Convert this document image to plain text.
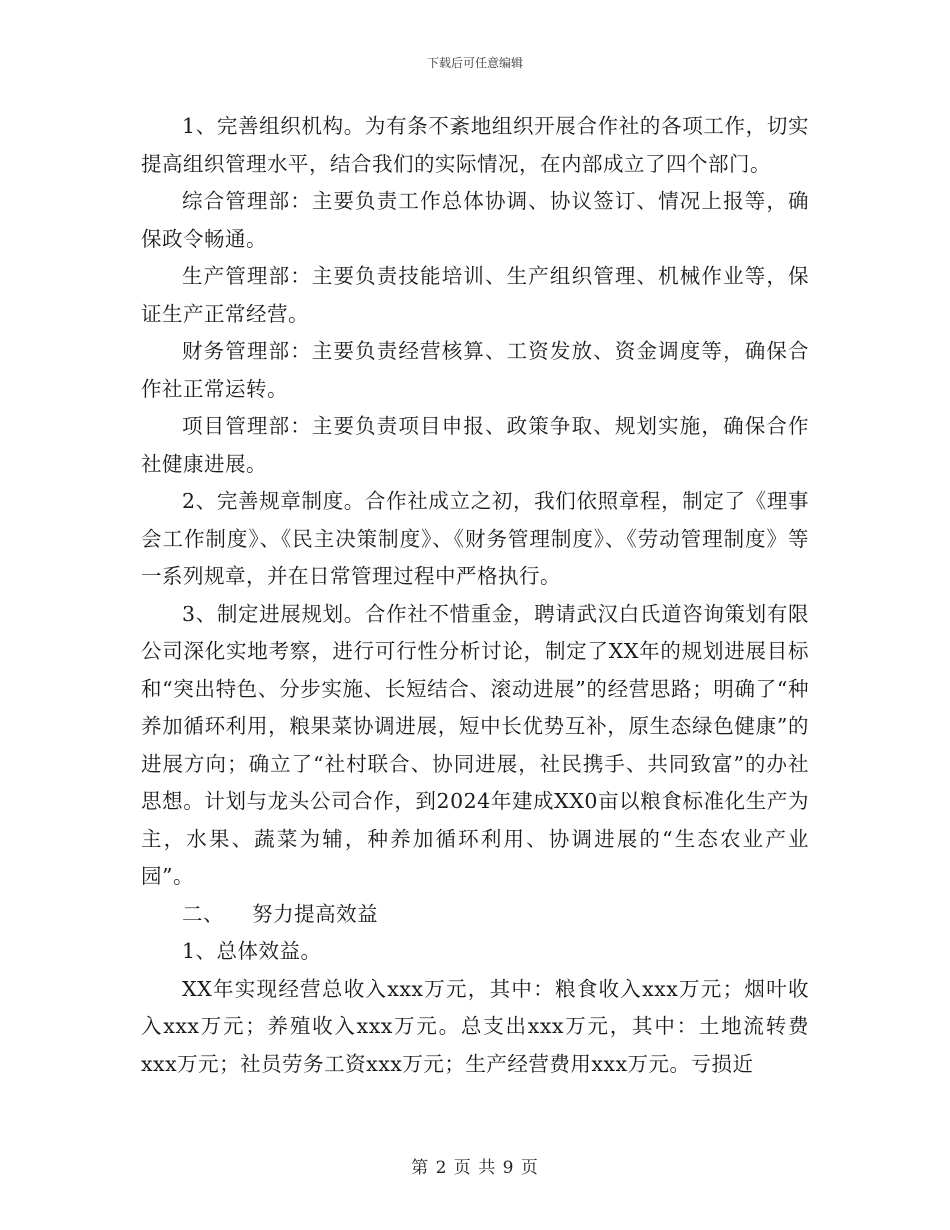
下载后可任意编辑

1、完善组织机构。为有条不紊地组织开展合作社的各项工作，切实提高组织管理水平，结合我们的实际情况，在内部成立了四个部门。

综合管理部：主要负责工作总体协调、协议签订、情况上报等，确保政令畅通。

生产管理部：主要负责技能培训、生产组织管理、机械作业等，保证生产正常经营。

财务管理部：主要负责经营核算、工资发放、资金调度等，确保合作社正常运转。

项目管理部：主要负责项目申报、政策争取、规划实施，确保合作社健康进展。

2、完善规章制度。合作社成立之初，我们依照章程，制定了《理事会工作制度》、《民主决策制度》、《财务管理制度》、《劳动管理制度》等一系列规章，并在日常管理过程中严格执行。

3、制定进展规划。合作社不惜重金，聘请武汉白氏道咨询策划有限公司深化实地考察，进行可行性分析讨论，制定了XX年的规划进展目标和“突出特色、分步实施、长短结合、滚动进展”的经营思路；明确了“种养加循环利用，粮果菜协调进展，短中长优势互补，原生态绿色健康”的进展方向；确立了“社村联合、协同进展，社民携手、共同致富”的办社思想。计划与龙头公司合作，到2024年建成XX0亩以粮食标准化生产为主，水果、蔬菜为辅，种养加循环利用、协调进展的“生态农业产业园”。

二、    努力提高效益

1、总体效益。

XX年实现经营总收入xxx万元，其中：粮食收入xxx万元；烟叶收入xxx万元；养殖收入xxx万元。总支出xxx万元，其中：土地流转费xxx万元；社员劳务工资xxx万元；生产经营费用xxx万元。亏损近

第 2 页 共 9 页
